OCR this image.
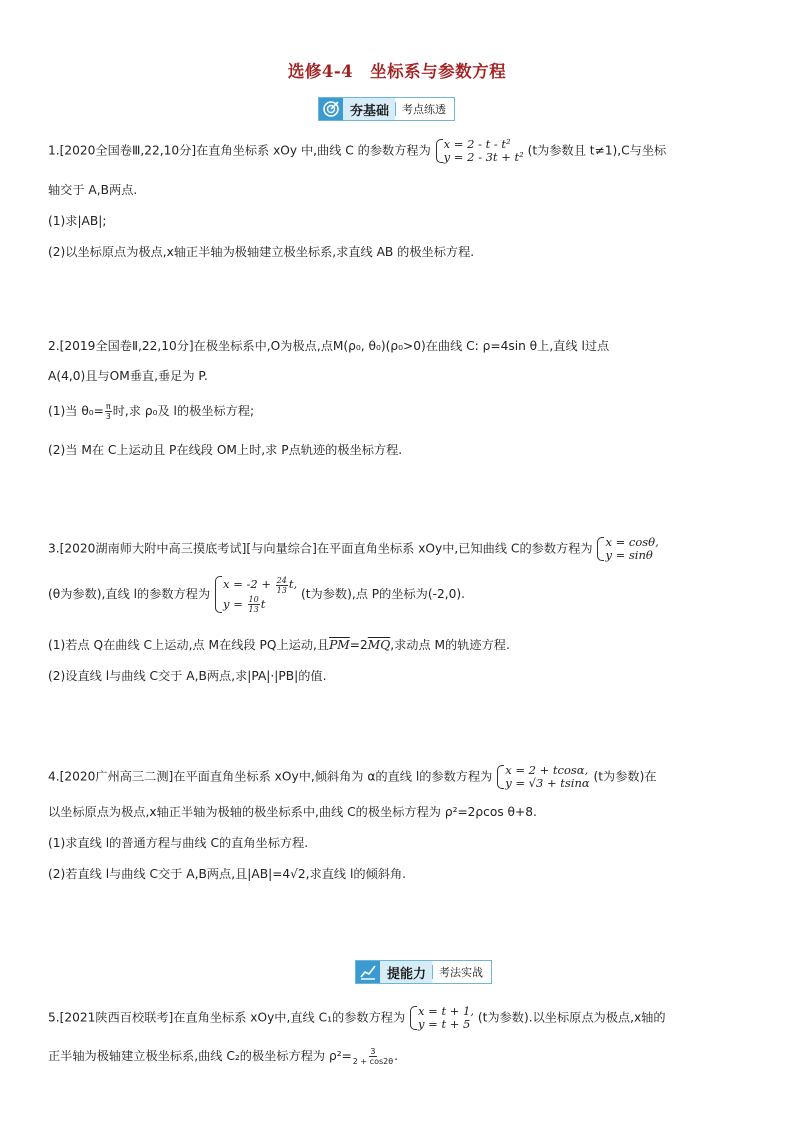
选修4-4　坐标系与参数方程
夯基础	考点练透
1.[2020全国卷Ⅲ,22,10分]在直角坐标系 xOy 中,曲线 C 的参数方程为 x = 2 - t - t²
y = 2 - 3t + t² (t为参数且 t≠1),C与坐标
轴交于 A,B两点.
(1)求|AB|;
(2)以坐标原点为极点,x轴正半轴为极轴建立极坐标系,求直线 AB 的极坐标方程.
2.[2019全国卷Ⅱ,22,10分]在极坐标系中,O为极点,点M(ρ₀, θ₀)(ρ₀>0)在曲线 C: ρ=4sin θ上,直线 l过点
A(4,0)且与OM垂直,垂足为 P.
(1)当 $\theta_0= \frac{\pi}{3}$ 时,求 ρ₀及 l的极坐标方程;
(2)当 M在 C上运动且 P在线段 OM上时,求 P点轨迹的极坐标方程.
3.[2020湖南师大附中高三摸底考试][与向量综合]在平面直角坐标系 xOy中,已知曲线 C的参数方程为 x = cosθ,
y = sinθ
(θ为参数),直线 l的参数方程为
$x = -2 + \frac{24}{13} t$,
$y = \frac{10}{13}$ t
(t为参数),点 P的坐标为(-2,0).
(1)若点 Q在曲线 C上运动,点 M在线段 PQ上运动,且$\overline{PM}=2\overline{MQ}$,求动点 M的轨迹方程.
(2)设直线 l与曲线 C交于 A,B两点,求|PA|·|PB|的值.
4.[2020广州高三二测]在平面直角坐标系 xOy中,倾斜角为 α的直线 l的参数方程为 x = 2 + tcosα,
y = √3 + tsinα (t为参数)在
以坐标原点为极点,x轴正半轴为极轴的极坐标系中,曲线 C的极坐标方程为 ρ²=2ρcos θ+8.
(1)求直线 l的普通方程与曲线 C的直角坐标方程.
(2)若直线 l与曲线 C交于 A,B两点,且|AB|=4√2,求直线 l的倾斜角.
提能力	考法实战
5.[2021陕西百校联考]在直角坐标系 xOy中,直线 C₁的参数方程为 x = t + 1,
y = t + 5 (t为参数).以坐标原点为极点,x轴的
正半轴为极轴建立极坐标系,曲线 C₂的极坐标方程为 $\rho^2= \frac{3}{2 + \cos 2\theta}$ .
